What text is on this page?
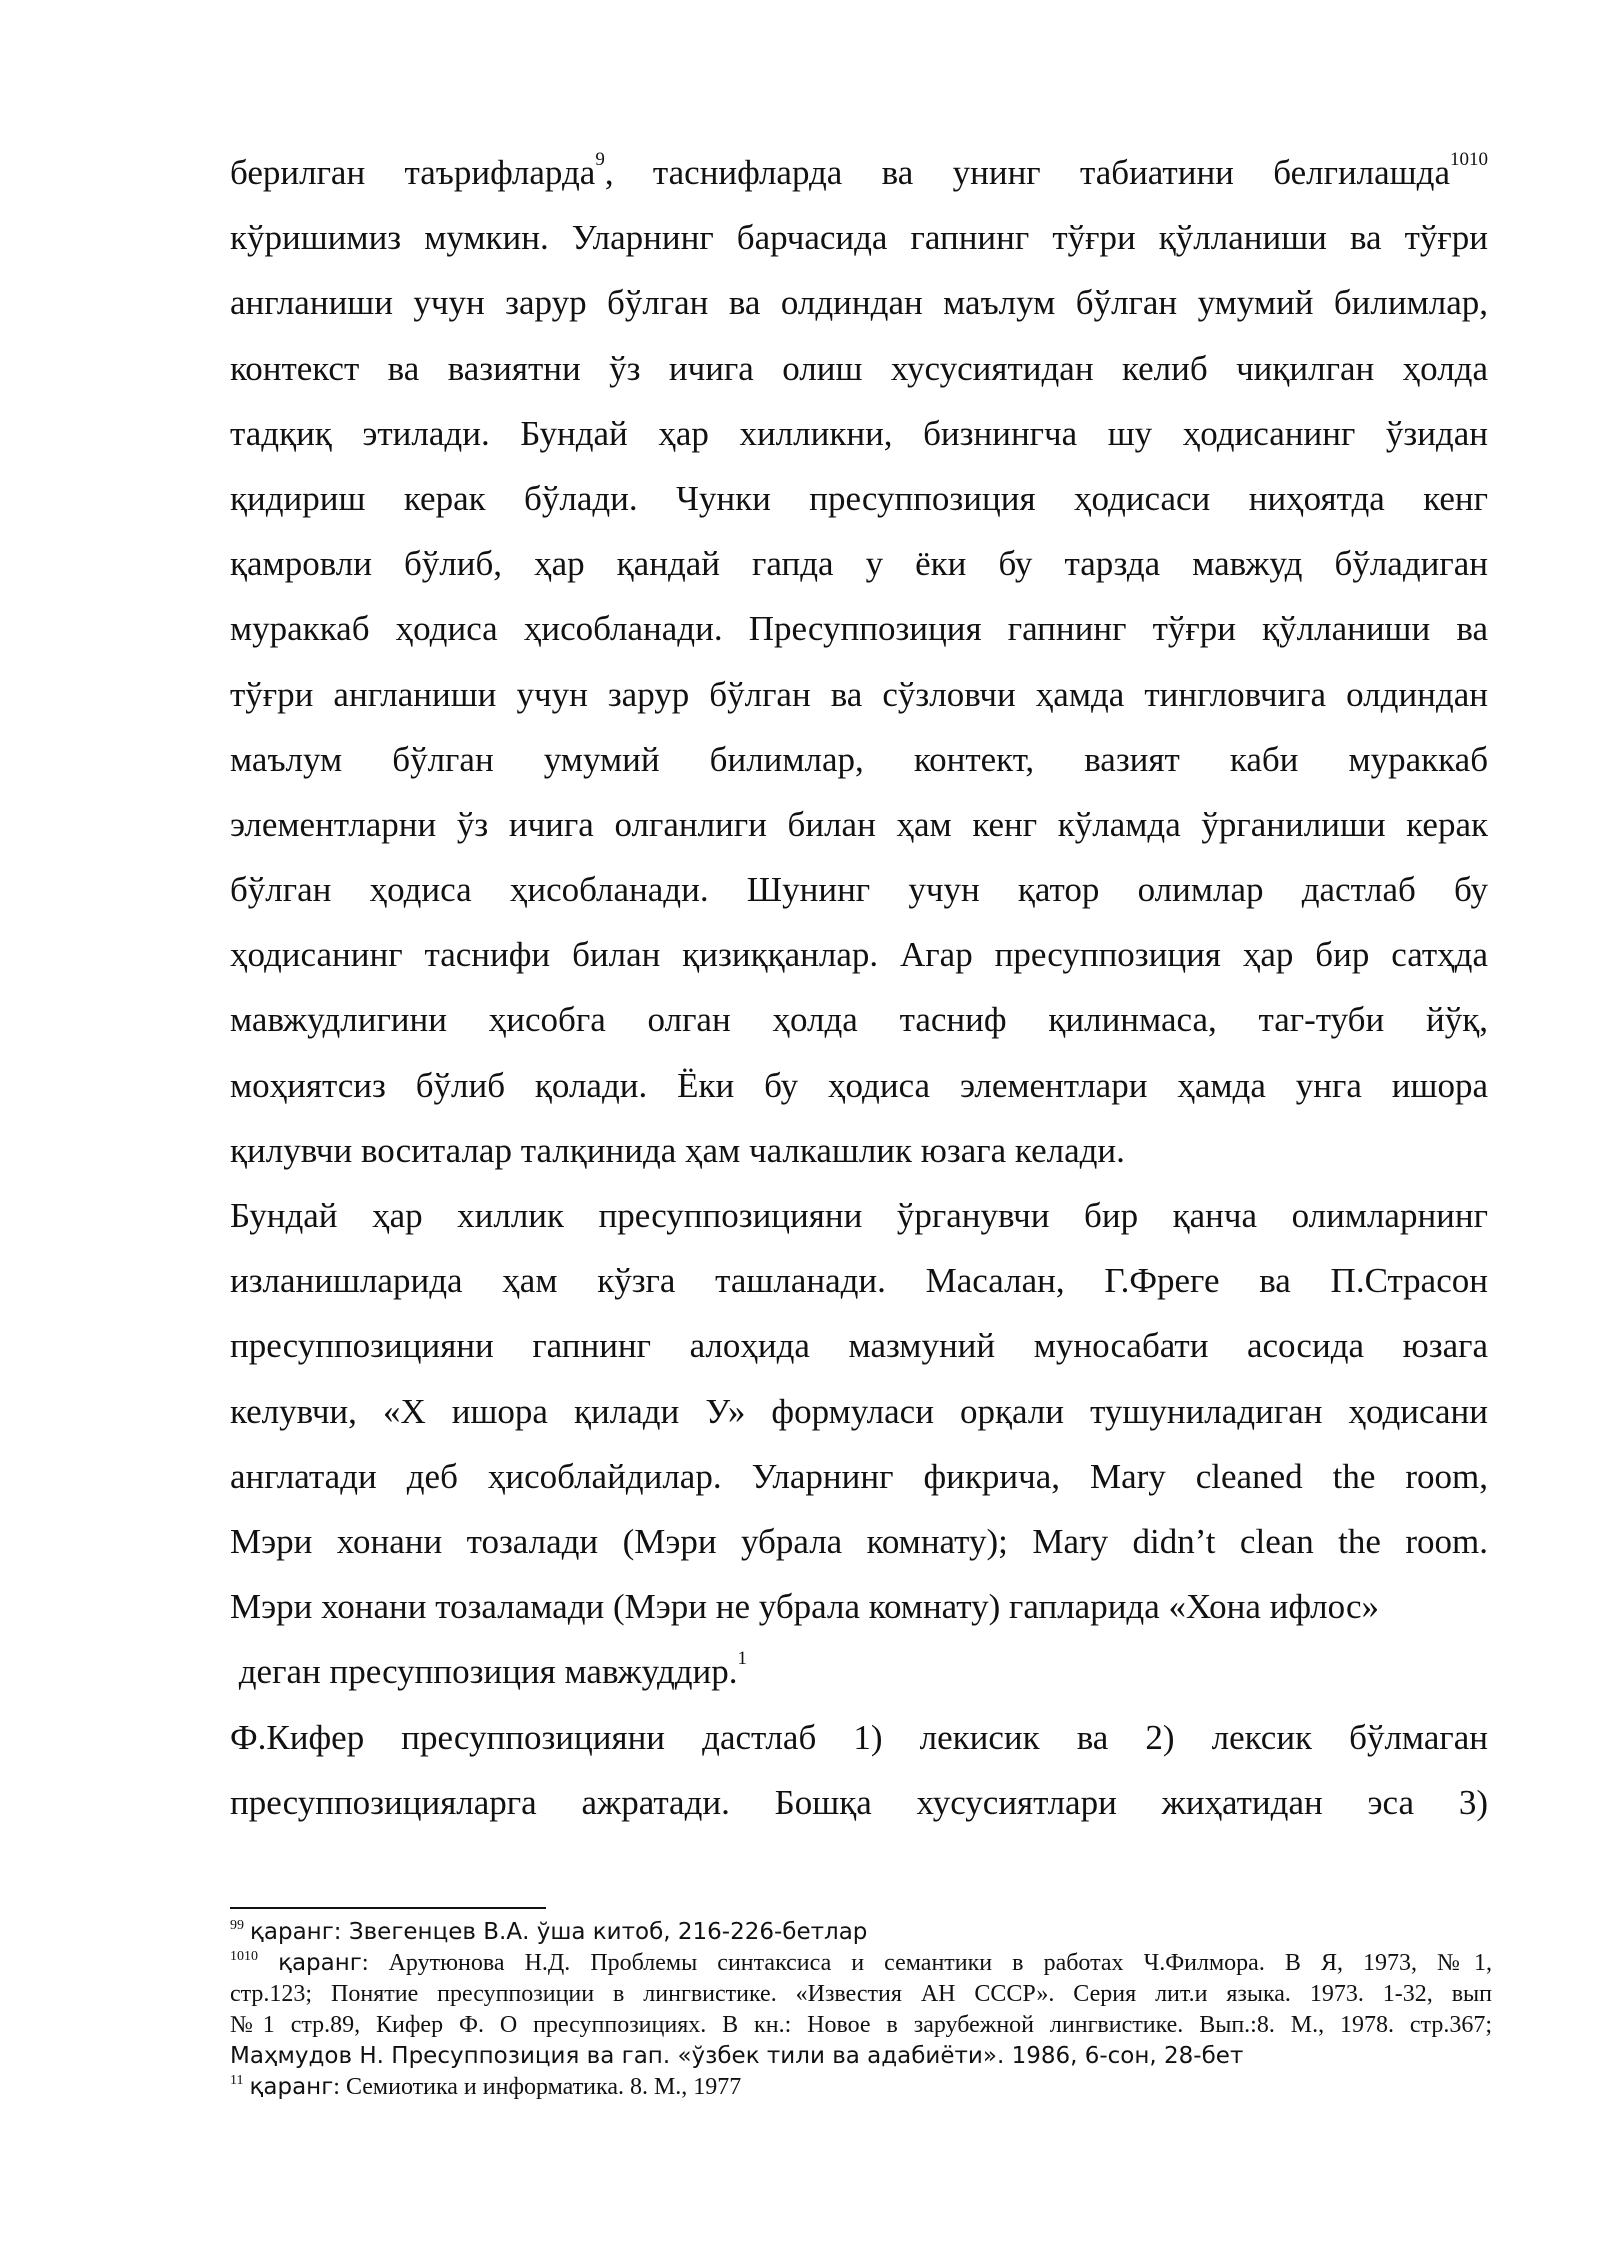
берилган таърифларда$^9$, таснифларда ва унинг табиатини белгилашда$^{1010}$
кўришимиз мумкин. Уларнинг барчасида гапнинг тўғри қўлланиши ва тўғри
англаниши учун зарур бўлган ва олдиндан маълум бўлган умумий билимлар,
контекст ва вазиятни ўз ичига олиш хусусиятидан келиб чиқилган ҳолда
тадқиқ этилади. Бундай ҳар хилликни, бизнингча шу ҳодисанинг ўзидан
қидириш керак бўлади. Чунки пресуппозиция ҳодисаси ниҳоятда кенг
қамровли бўлиб, ҳар қандай гапда у ёки бу тарзда мавжуд бўладиган
мураккаб ҳодиса ҳисобланади. Пресуппозиция гапнинг тўғри қўлланиши ва
тўғри англаниши учун зарур бўлган ва сўзловчи ҳамда тингловчига олдиндан
маълум бўлган умумий билимлар, контект, вазият каби мураккаб
элементларни ўз ичига олганлиги билан ҳам кенг кўламда ўрганилиши керак
бўлган ҳодиса ҳисобланади. Шунинг учун қатор олимлар дастлаб бу
ҳодисанинг таснифи билан қизиққанлар. Агар пресуппозиция ҳар бир сатҳда
мавжудлигини ҳисобга олган ҳолда тасниф қилинмаса, таг-туби йўқ,
моҳиятсиз бўлиб қолади. Ёки бу ҳодиса элементлари ҳамда унга ишора
қилувчи воситалар талқинида ҳам чалкашлик юзага келади.
Бундай ҳар хиллик пресуппозицияни ўрганувчи бир қанча олимларнинг
изланишларида ҳам кўзга ташланади. Масалан, Г.Фреге ва П.Страсон
пресуппозицияни гапнинг алоҳида мазмуний муносабати асосида юзага
келувчи, «Х ишора қилади У» формуласи орқали тушуниладиган ҳодисани
англатади деб ҳисоблайдилар. Уларнинг фикрича, Mary cleaned the room,
Мэри хонани тозалади (Мэри убрала комнату); Mary didn’t clean the room.
Мэри хонани тозаламади (Мэри не убрала комнату) гапларида «Хона ифлос»
деган пресуппозиция мавжуддир.$^1$
Ф.Кифер пресуппозицияни дастлаб 1) лекисик ва 2) лексик бўлмаган
пресуппозицияларга ажратади. Бошқа хусусиятлари жиҳатидан эса 3)
$^{99}$ қаранг: Звегенцев В.А. ўша китоб, 216-226-бетлар
$^{1010}$ қаранг: Арутюнова Н.Д. Проблемы синтаксиса и семантики в работах Ч.Филмора. В Я, 1973, №1,
стр.123; Понятие пресуппозиции в лингвистике. «Известия АН СССР». Серия лит.и языка. 1973. 1-32, вып
№1 стр.89, Кифер Ф. О пресуппозициях. В кн.: Новое в зарубежной лингвистике. Вып.:8. М., 1978. стр.367;
Маҳмудов Н. Пресуппозиция ва гап. «ўзбек тили ва адабиёти». 1986, 6-сон, 28-бет
$^{11}$ қаранг: Семиотика и информатика. 8. М., 1977
